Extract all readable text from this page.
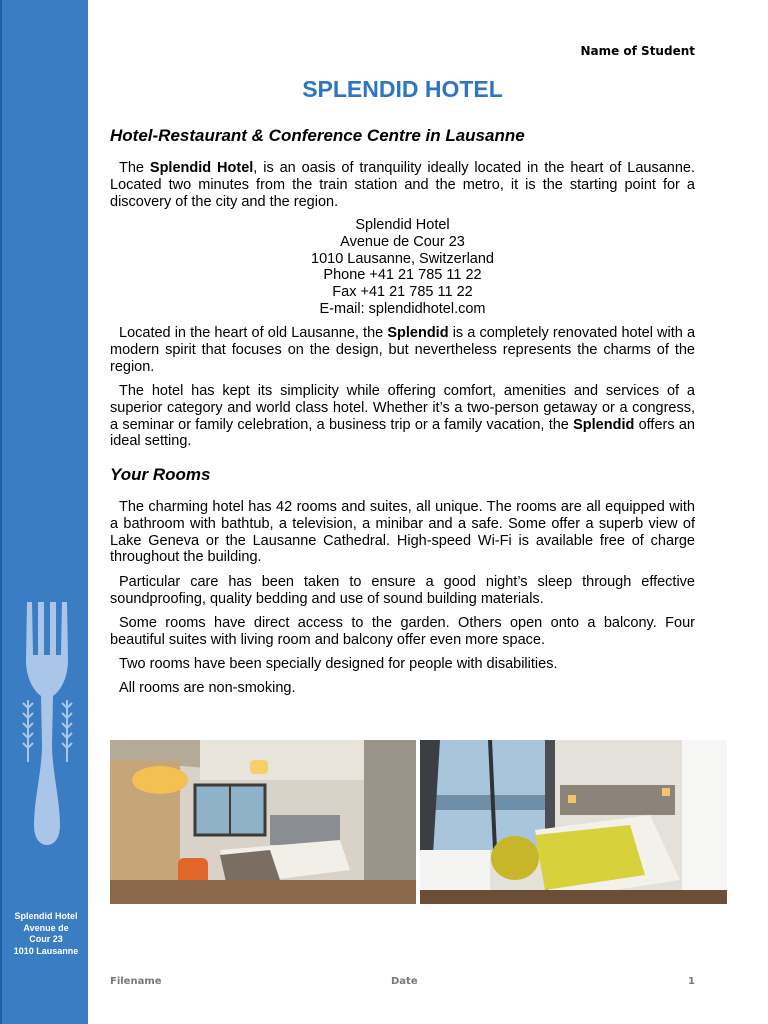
Splendid Hotel
Avenue de
Cour 23
1010 Lausanne
Name of Student
SPLENDID HOTEL
Hotel-Restaurant & Conference Centre in Lausanne

The Splendid Hotel, is an oasis of tranquility ideally located in the heart of Lausanne. Located two minutes from the train station and the metro, it is the starting point for a discovery of the city and the region.

Splendid Hotel
Avenue de Cour 23
1010 Lausanne, Switzerland
Phone +41 21 785 11 22
Fax +41 21 785 11 22
E-mail: splendidhotel.com

Located in the heart of old Lausanne, the Splendid is a completely renovated hotel with a modern spirit that focuses on the design, but nevertheless represents the charms of the region.

The hotel has kept its simplicity while offering comfort, amenities and services of a superior category and world class hotel. Whether it’s a two-person getaway or a congress, a seminar or family celebration, a business trip or a family vacation, the Splendid offers an ideal setting.

Your Rooms

The charming hotel has 42 rooms and suites, all unique. The rooms are all equipped with a bathroom with bathtub, a television, a minibar and a safe. Some offer a superb view of Lake Geneva or the Lausanne Cathedral. High-speed Wi-Fi is available free of charge throughout the building.

Particular care has been taken to ensure a good night’s sleep through effective soundproofing, quality bedding and use of sound building materials.

Some rooms have direct access to the garden. Others open onto a balcony. Four beautiful suites with living room and balcony offer even more space.

Two rooms have been specially designed for people with disabilities.

All rooms are non-smoking.

Filename	Date	1
